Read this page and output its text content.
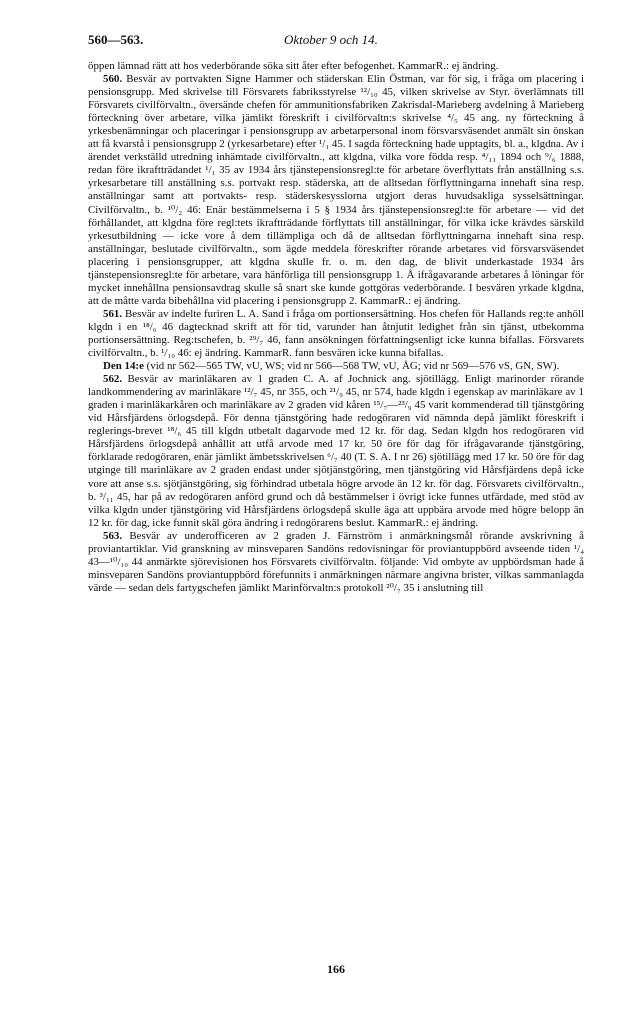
560—563.	Oktober 9 och 14.

öppen lämnad rätt att hos vederbörande söka sitt åter efter befogenhet. KammarR.: ej ändring.

560. Besvär av portvakten Signe Hammer och städerskan Elin Östman, var för sig, i fråga om placering i pensionsgrupp. Med skrivelse till Försvarets fabriksstyrelse ¹²/₁₀ 45, vilken skrivelse av Styr. överlämnats till Försvarets civilförvaltn., översände chefen för ammunitionsfabriken Zakrisdal-Marieberg avdelning å Marieberg förteckning över arbetare, vilka jämlikt föreskrift i civilförvaltn:s skrivelse ⁴/₅ 45 ang. ny förteckning å yrkesbenämningar och placeringar i pensionsgrupp av arbetarpersonal inom försvarsväsendet anmält sin önskan att få kvarstå i pensionsgrupp 2 (yrkesarbetare) efter ¹/₁ 45. I sagda förteckning hade upptagits, bl. a., klgdna. Av i ärendet verkställd utredning inhämtade civilförvaltn., att klgdna, vilka vore födda resp. ⁴/₁₁ 1894 och ⁹/₆ 1888, redan före ikraftträdandet ¹/₁ 35 av 1934 års tjänstepensionsregl:te för arbetare överflyttats från anställning s.s. yrkesarbetare till anställning s.s. portvakt resp. städerska, att de alltsedan förflyttningarna innehaft sina resp. anställningar samt att portvakts- resp. städerskesysslorna utgjort deras huvudsakliga sysselsättningar. Civilförvaltn., b. ¹⁰/₂ 46: Enär bestämmelserna i 5 § 1934 års tjänstepensionsregl:te för arbetare — vid det förhållandet, att klgdna före regl:tets ikraftträdande förflyttats till anställningar, för vilka icke krävdes särskild yrkesutbildning — icke vore å dem tillämpliga och då de alltsedan förflyttningarna innehaft sina resp. anställningar, beslutade civilförvaltn., som ägde meddela föreskrifter rörande arbetares vid försvarsväsendet placering i pensionsgrupper, att klgdna skulle fr. o. m. den dag, de blivit underkastade 1934 års tjänstepensionsregl:te för arbetare, vara hänförliga till pensionsgrupp 1. Å ifrågavarande arbetares å löningar för mycket innehållna pensionsavdrag skulle så snart ske kunde gottgöras vederbörande. I besvären yrkade klgdna, att de måtte varda bibehållna vid placering i pensionsgrupp 2. KammarR.: ej ändring.

561. Besvär av indelte furiren L. A. Sand i fråga om portionsersättning. Hos chefen för Hallands reg:te anhöll klgdn i en ¹⁸/₆ 46 dagtecknad skrift att för tid, varunder han åtnjutit ledighet från sin tjänst, utbekomma portionsersättning. Reg:tschefen, b. ²⁹/₇ 46, fann ansökningen författningsenligt icke kunna bifallas. Försvarets civilförvaltn., b. ¹/₁₀ 46: ej ändring. KammarR. fann besvären icke kunna bifallas.

Den 14:e (vid nr 562—565 TW, vU, WS; vid nr 566—568 TW, vU, ÅG; vid nr 569—576 vS, GN, SW).

562. Besvär av marinläkaren av 1 graden C. A. af Jochnick ang. sjötillägg. Enligt marinorder rörande landkommendering av marinläkare ¹²/₇ 45, nr 355, och ²¹/₉ 45, nr 574, hade klgdn i egenskap av marinläkare av 1 graden i marinläkarkåren och marinläkare av 2 graden vid kåren ¹⁵/₇—²³/₉ 45 varit kommenderad till tjänstgöring vid Hårsfjärdens örlogsdepå. För denna tjänstgöring hade redogöraren vid nämnda depå jämlikt föreskrift i reglerings-brevet ¹⁸/₆ 45 till klgdn utbetalt dagarvode med 12 kr. för dag. Sedan klgdn hos redogöraren vid Hårsfjärdens örlogsdepå anhållit att utfå arvode med 17 kr. 50 öre för dag för ifrågavarande tjänstgöring, förklarade redogöraren, enär jämlikt ämbetsskrivelsen ⁶/₇ 40 (T. S. A. I nr 26) sjötillägg med 17 kr. 50 öre för dag utginge till marinläkare av 2 graden endast under sjötjänstgöring, men tjänstgöring vid Hårsfjärdens depå icke vore att anse s.s. sjötjänstgöring, sig förhindrad utbetala högre arvode än 12 kr. för dag. Försvarets civilförvaltn., b. ³/₁₁ 45, har på av redogöraren anförd grund och då bestämmelser i övrigt icke funnes utfärdade, med stöd av vilka klgdn under tjänstgöring vid Hårsfjärdens örlogsdepå skulle äga att uppbära arvode med högre belopp än 12 kr. för dag, icke funnit skäl göra ändring i redogörarens beslut. KammarR.: ej ändring.

563. Besvär av underofficeren av 2 graden J. Färnström i anmärkningsmål rörande avskrivning å proviantartiklar. Vid granskning av minsveparen Sandöns redovisningar för proviantuppbörd avseende tiden ¹/₄ 43—¹⁰/₁₀ 44 anmärkte sjörevisionen hos Försvarets civilförvaltn. följande: Vid ombyte av uppbördsman hade å minsveparen Sandöns proviantuppbörd förefunnits i anmärkningen närmare angivna brister, vilkas sammanlagda värde — sedan dels fartygschefen jämlikt Marinförvaltn:s protokoll ²⁰/₇ 35 i anslutning till

166
